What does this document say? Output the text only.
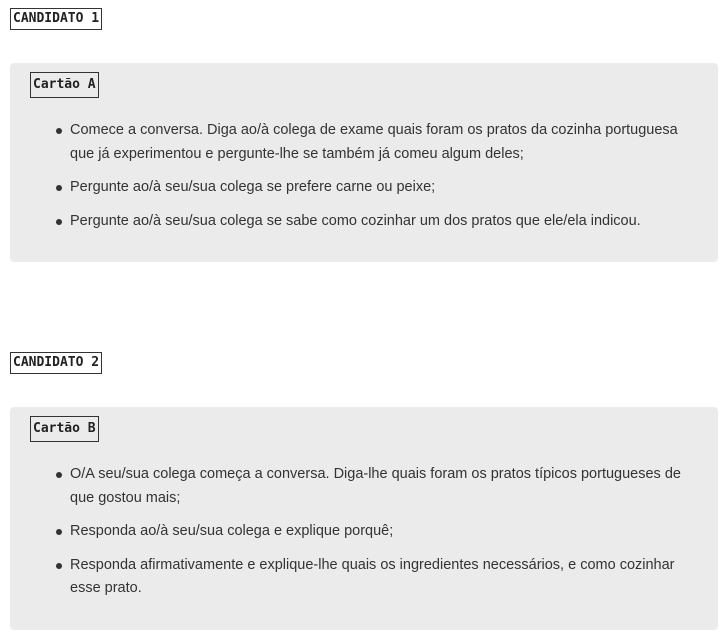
CANDIDATO 1
Cartão A
Comece a conversa. Diga ao/à colega de exame quais foram os pratos da cozinha portuguesa que já experimentou e pergunte-lhe se também já comeu algum deles;
Pergunte ao/à seu/sua colega se prefere carne ou peixe;
Pergunte ao/à seu/sua colega se sabe como cozinhar um dos pratos que ele/ela indicou.
CANDIDATO 2
Cartão B
O/A seu/sua colega começa a conversa. Diga-lhe quais foram os pratos típicos portugueses de que gostou mais;
Responda ao/à seu/sua colega e explique porquê;
Responda afirmativamente e explique-lhe quais os ingredientes necessários, e como cozinhar esse prato.
